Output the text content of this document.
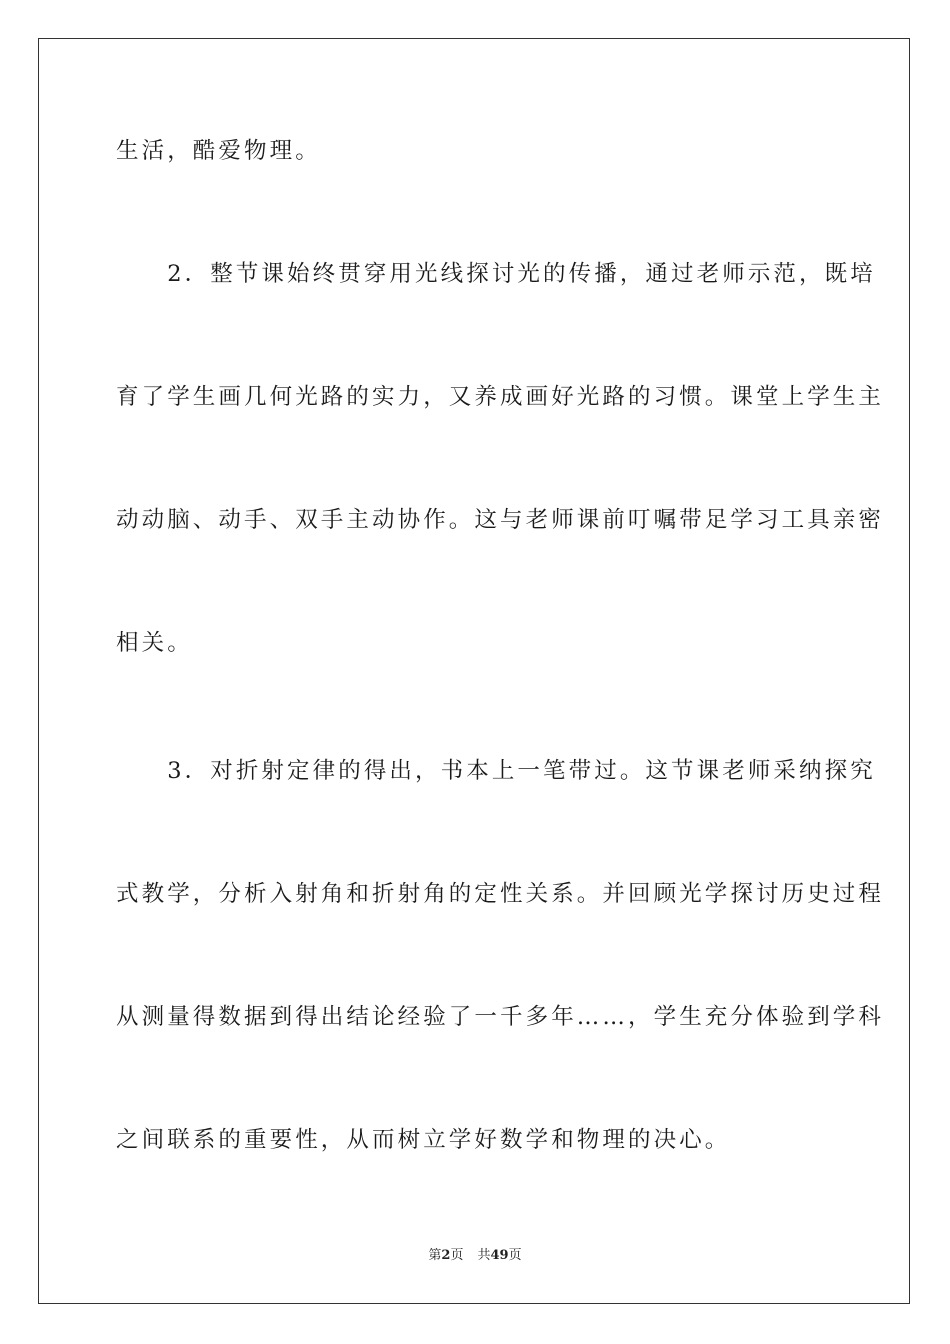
生活，酷爱物理。
　　2．整节课始终贯穿用光线探讨光的传播，通过老师示范，既培
育了学生画几何光路的实力，又养成画好光路的习惯。课堂上学生主
动动脑、动手、双手主动协作。这与老师课前叮嘱带足学习工具亲密
相关。
　　3．对折射定律的得出，书本上一笔带过。这节课老师采纳探究
式教学，分析入射角和折射角的定性关系。并回顾光学探讨历史过程
从测量得数据到得出结论经验了一千多年……，学生充分体验到学科
之间联系的重要性，从而树立学好数学和物理的决心。
第2页 共49页
